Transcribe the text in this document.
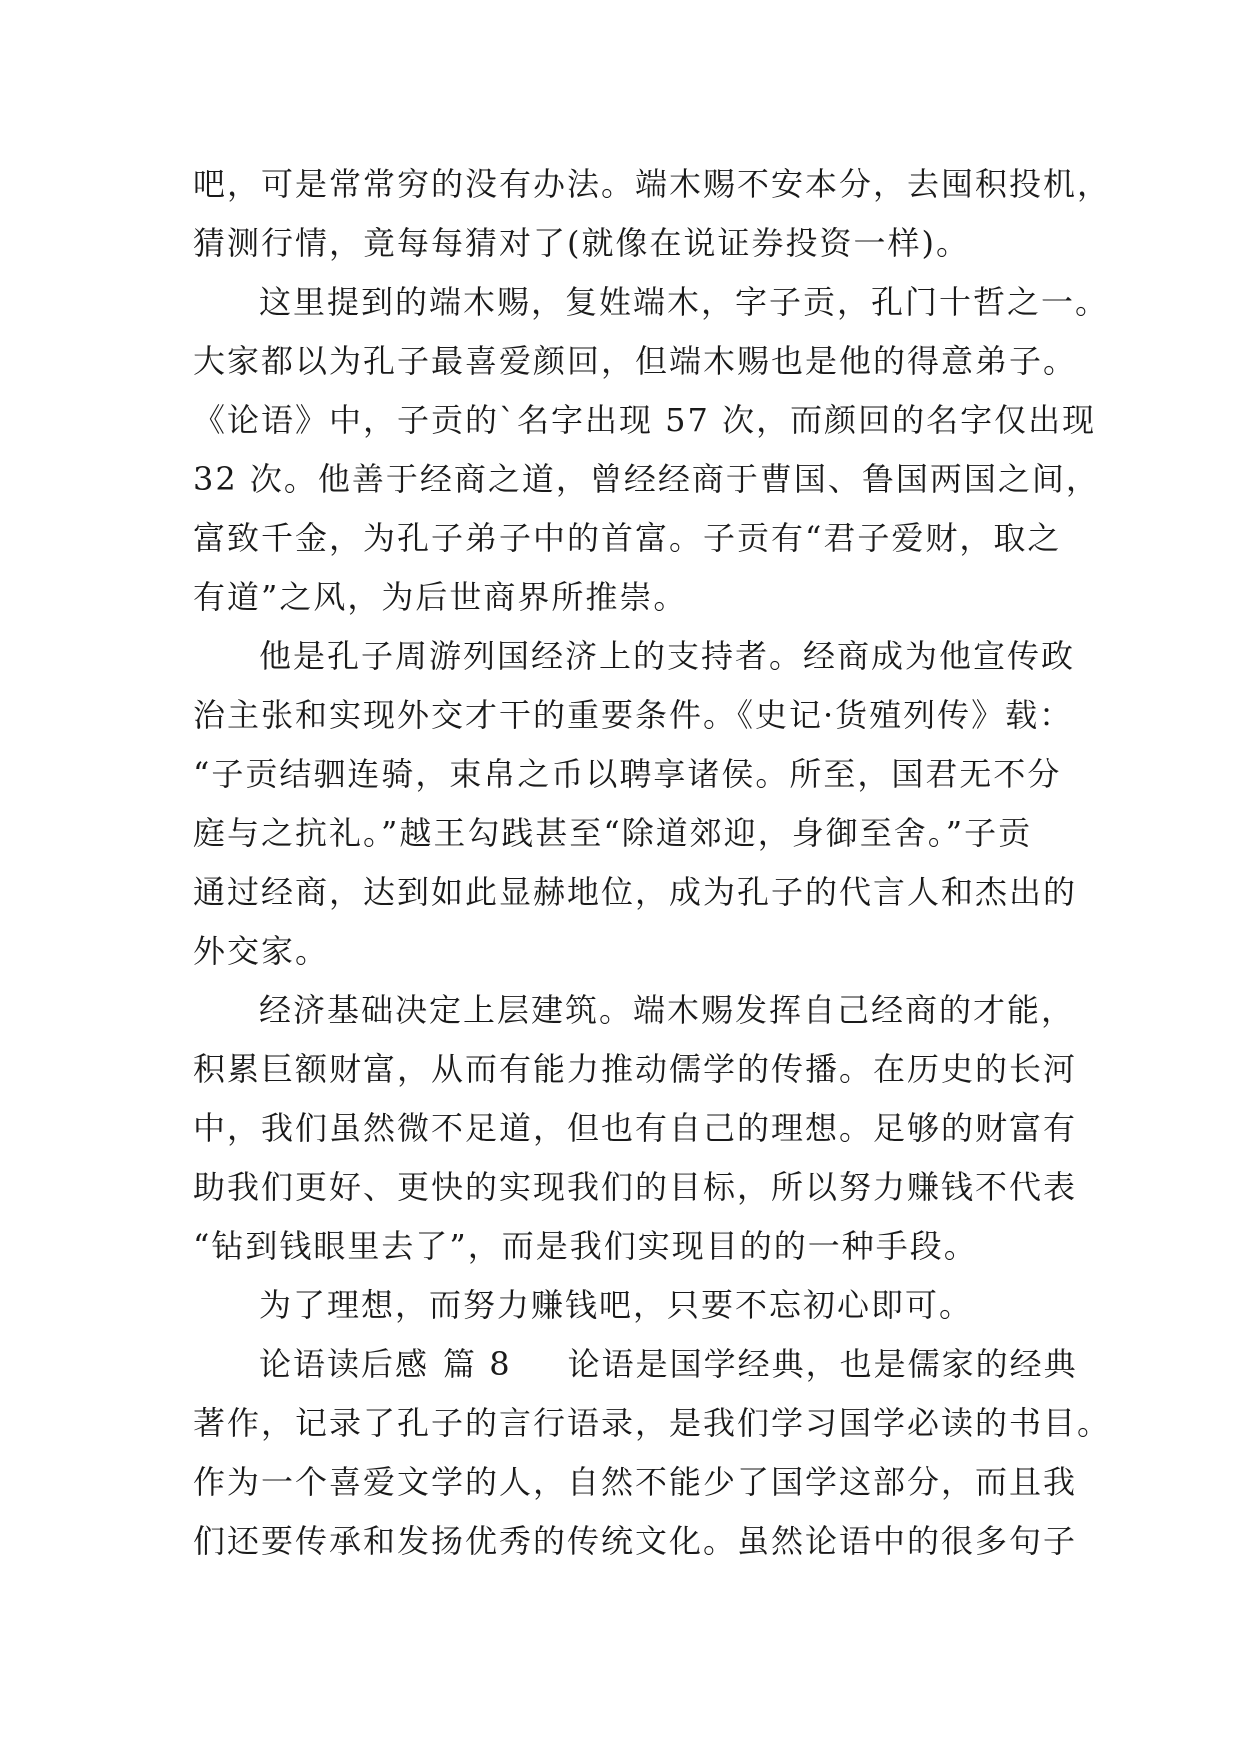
吧，可是常常穷的没有办法。端木赐不安本分，去囤积投机，
猜测行情，竟每每猜对了(就像在说证券投资一样)。
这里提到的端木赐，复姓端木，字子贡，孔门十哲之一。
大家都以为孔子最喜爱颜回，但端木赐也是他的得意弟子。
《论语》中，子贡的`名字出现 57 次，而颜回的名字仅出现
32 次。他善于经商之道，曾经经商于曹国、鲁国两国之间，
富致千金，为孔子弟子中的首富。子贡有“君子爱财，取之
有道”之风，为后世商界所推崇。
他是孔子周游列国经济上的支持者。经商成为他宣传政
治主张和实现外交才干的重要条件。《史记·货殖列传》载：
“子贡结驷连骑，束帛之币以聘享诸侯。所至，国君无不分
庭与之抗礼。”越王勾践甚至“除道郊迎，身御至舍。”子贡
通过经商，达到如此显赫地位，成为孔子的代言人和杰出的
外交家。
经济基础决定上层建筑。端木赐发挥自己经商的才能，
积累巨额财富，从而有能力推动儒学的传播。在历史的长河
中，我们虽然微不足道，但也有自己的理想。足够的财富有
助我们更好、更快的实现我们的目标，所以努力赚钱不代表
“钻到钱眼里去了”，而是我们实现目的的一种手段。
为了理想，而努力赚钱吧，只要不忘初心即可。
论语读后感 篇 8 论语是国学经典，也是儒家的经典
著作，记录了孔子的言行语录，是我们学习国学必读的书目。
作为一个喜爱文学的人，自然不能少了国学这部分，而且我
们还要传承和发扬优秀的传统文化。虽然论语中的很多句子
